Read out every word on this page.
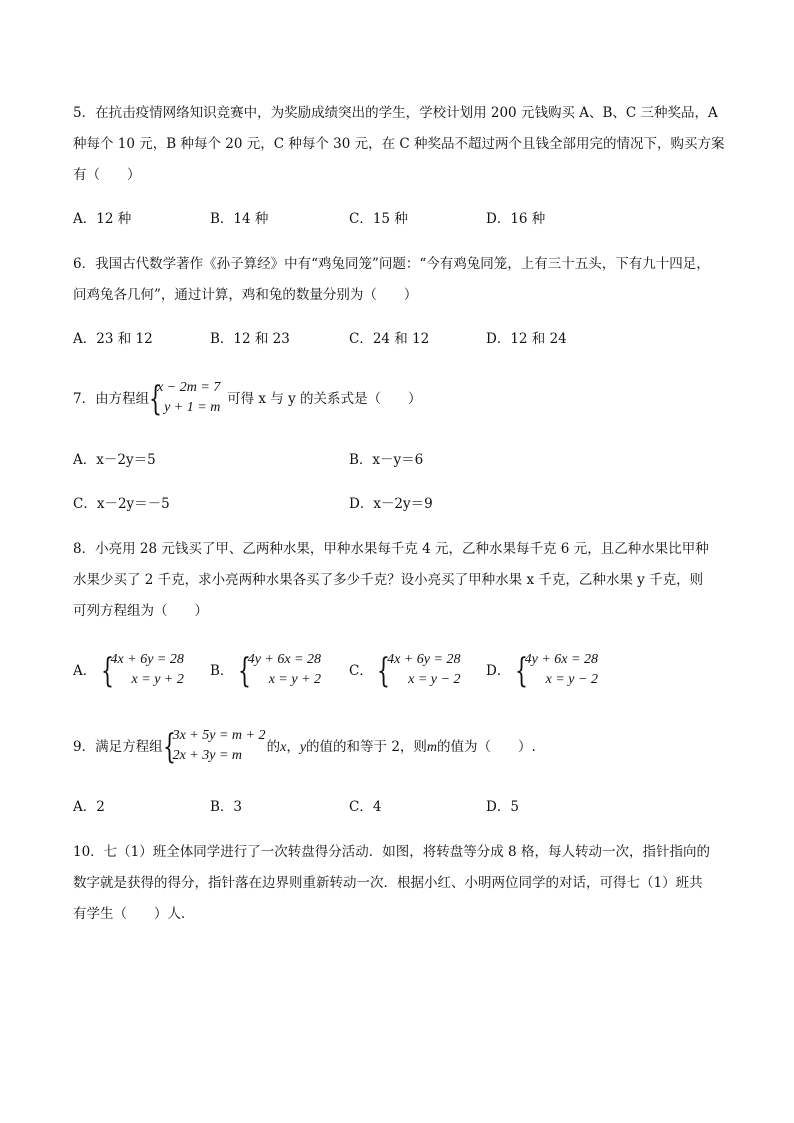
5．在抗击疫情网络知识竞赛中，为奖励成绩突出的学生，学校计划用 200 元钱购买 A、B、C 三种奖品，A
种每个 10 元，B 种每个 20 元，C 种每个 30 元，在 C 种奖品不超过两个且钱全部用完的情况下，购买方案
有（　　）
A．12 种	B．14 种	C．15 种	D．16 种
6．我国古代数学著作《孙子算经》中有“鸡兔同笼”问题：“今有鸡兔同笼，上有三十五头，下有九十四足，
问鸡兔各几何”，通过计算，鸡和兔的数量分别为（　　）
A．23 和 12	B．12 和 23	C．24 和 12	D．12 和 24
7．由方程组 {
x − 2m = 7
y + 1 = m 可得 x 与 y 的关系式是（　　）
A．x－2y＝5	B．x－y＝6
C．x－2y＝－5	D．x－2y＝9
8．小亮用 28 元钱买了甲、乙两种水果，甲种水果每千克 4 元，乙种水果每千克 6 元，且乙种水果比甲种
水果少买了 2 千克，求小亮两种水果各买了多少千克？设小亮买了甲种水果 x 千克，乙种水果 y 千克，则
可列方程组为（　　）
A． {
4x + 6y = 28
x = y + 2 B． {
4y + 6x = 28
x = y + 2 C． {
4x + 6y = 28
x = y − 2 D． {
4y + 6x = 28
x = y − 2
9．满足方程组 {
3x + 5y = m + 2
2x + 3y = m	的x，y的值的和等于 2，则m的值为（　　）.
A．2	B．3	C．4	D．5
10．七（1）班全体同学进行了一次转盘得分活动．如图，将转盘等分成 8 格，每人转动一次，指针指向的
数字就是获得的得分，指针落在边界则重新转动一次．根据小红、小明两位同学的对话，可得七（1）班共
有学生（　　）人．
